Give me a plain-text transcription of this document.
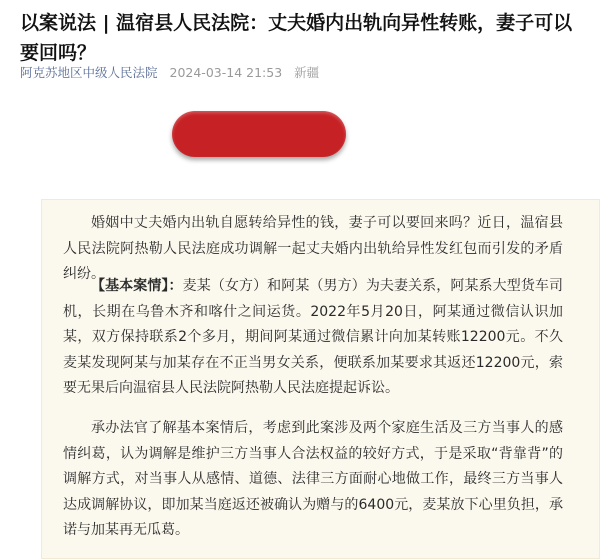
以案说法 | 温宿县人民法院：丈夫婚内出轨向异性转账，妻子可以要回吗？
阿克苏地区中级人民法院 2024-03-14 21:53 新疆

婚姻中丈夫婚内出轨自愿转给异性的钱，妻子可以要回来吗？近日，温宿县人民法院阿热勒人民法庭成功调解一起丈夫婚内出轨给异性发红包而引发的矛盾纠纷。

【基本案情】：麦某（女方）和阿某（男方）为夫妻关系，阿某系大型货车司机，长期在乌鲁木齐和喀什之间运货。2022年5月20日，阿某通过微信认识加某，双方保持联系2个多月，期间阿某通过微信累计向加某转账12200元。不久麦某发现阿某与加某存在不正当男女关系，便联系加某要求其返还12200元，索要无果后向温宿县人民法院阿热勒人民法庭提起诉讼。

承办法官了解基本案情后，考虑到此案涉及两个家庭生活及三方当事人的感情纠葛，认为调解是维护三方当事人合法权益的较好方式，于是采取“背靠背”的调解方式，对当事人从感情、道德、法律三方面耐心地做工作，最终三方当事人达成调解协议，即加某当庭返还被确认为赠与的6400元，麦某放下心里负担，承诺与加某再无瓜葛。
